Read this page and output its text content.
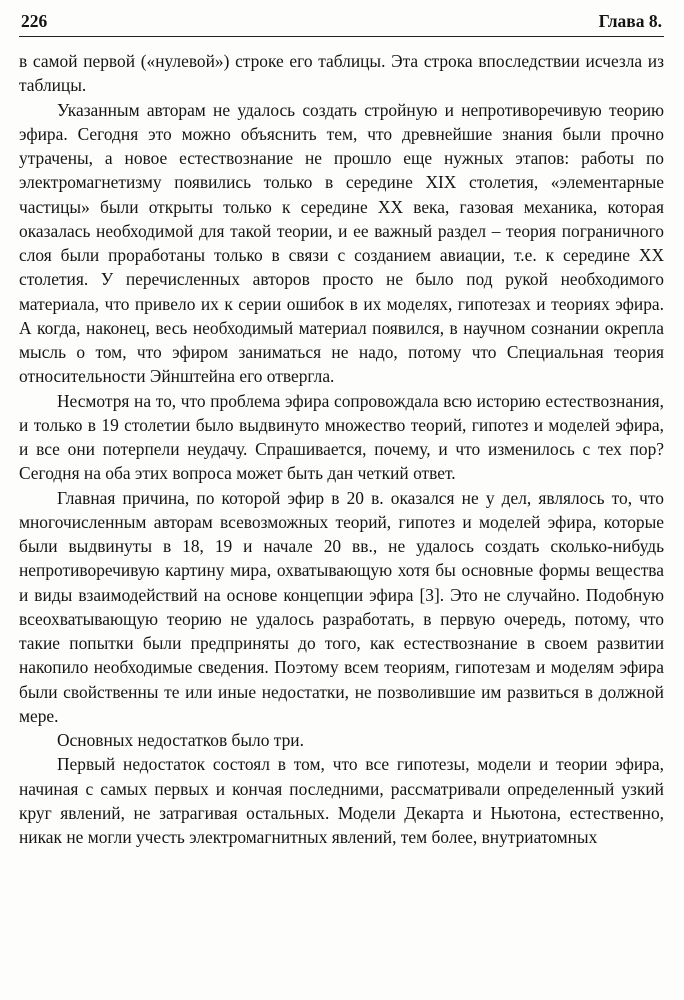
226	Глава 8.

в самой первой («нулевой») строке его таблицы. Эта строка впоследствии исчезла из таблицы.

Указанным авторам не удалось создать стройную и непротиворечивую теорию эфира. Сегодня это можно объяснить тем, что древнейшие знания были прочно утрачены, а новое естествознание не прошло еще нужных этапов: работы по электромагнетизму появились только в середине XIX столетия, «элементарные частицы» были открыты только к середине XX века, газовая механика, которая оказалась необходимой для такой теории, и ее важный раздел – теория пограничного слоя были проработаны только в связи с созданием авиации, т.е. к середине XX столетия. У перечисленных авторов просто не было под рукой необходимого материала, что привело их к серии ошибок в их моделях, гипотезах и теориях эфира. А когда, наконец, весь необходимый материал появился, в научном сознании окрепла мысль о том, что эфиром заниматься не надо, потому что Специальная теория относительности Эйнштейна его отвергла.

Несмотря на то, что проблема эфира сопровождала всю историю естествознания, и только в 19 столетии было выдвинуто множество теорий, гипотез и моделей эфира, и все они потерпели неудачу. Спрашивается, почему, и что изменилось с тех пор? Сегодня на оба этих вопроса может быть дан четкий ответ.

Главная причина, по которой эфир в 20 в. оказался не у дел, являлось то, что многочисленным авторам всевозможных теорий, гипотез и моделей эфира, которые были выдвинуты в 18, 19 и начале 20 вв., не удалось создать сколько-нибудь непротиворечивую картину мира, охватывающую хотя бы основные формы вещества и виды взаимодействий на основе концепции эфира [3]. Это не случайно. Подобную всеохватывающую теорию не удалось разработать, в первую очередь, потому, что такие попытки были предприняты до того, как естествознание в своем развитии накопило необходимые сведения. Поэтому всем теориям, гипотезам и моделям эфира были свойственны те или иные недостатки, не позволившие им развиться в должной мере.

Основных недостатков было три.

Первый недостаток состоял в том, что все гипотезы, модели и теории эфира, начиная с самых первых и кончая последними, рассматривали определенный узкий круг явлений, не затрагивая остальных. Модели Декарта и Ньютона, естественно, никак не могли учесть электромагнитных явлений, тем более, внутриатомных
